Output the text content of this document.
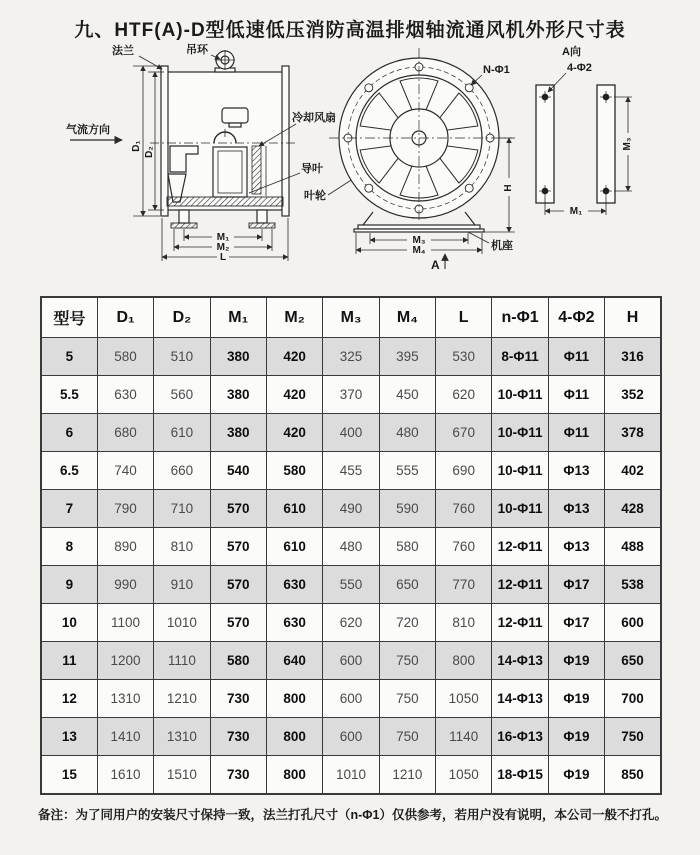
九、HTF(A)-D型低速低压消防高温排烟轴流通风机外形尺寸表
法兰	吊环
气流方向
冷却风扇
导叶
叶轮
D₁
D₂
M₁
M₂
L
N-Φ1
H
M₃
M₄	机座
A
A向
4-Φ2
M₃
M₁
型号	D₁	D₂	M₁	M₂	M₃	M₄	L	n-Φ1	4-Φ2	H
5	580	510	380	420	325	395	530	8-Φ11	Φ11	316
5.5	630	560	380	420	370	450	620	10-Φ11	Φ11	352
6	680	610	380	420	400	480	670	10-Φ11	Φ11	378
6.5	740	660	540	580	455	555	690	10-Φ11	Φ13	402
7	790	710	570	610	490	590	760	10-Φ11	Φ13	428
8	890	810	570	610	480	580	760	12-Φ11	Φ13	488
9	990	910	570	630	550	650	770	12-Φ11	Φ17	538
10	1100	1010	570	630	620	720	810	12-Φ11	Φ17	600
11	1200	1110	580	640	600	750	800	14-Φ13	Φ19	650
12	1310	1210	730	800	600	750	1050	14-Φ13	Φ19	700
13	1410	1310	730	800	600	750	1140	16-Φ13	Φ19	750
15	1610	1510	730	800	1010	1210	1050	18-Φ15	Φ19	850
备注：为了同用户的安装尺寸保持一致，法兰打孔尺寸（n-Φ1）仅供参考，若用户没有说明，本公司一般不打孔。
